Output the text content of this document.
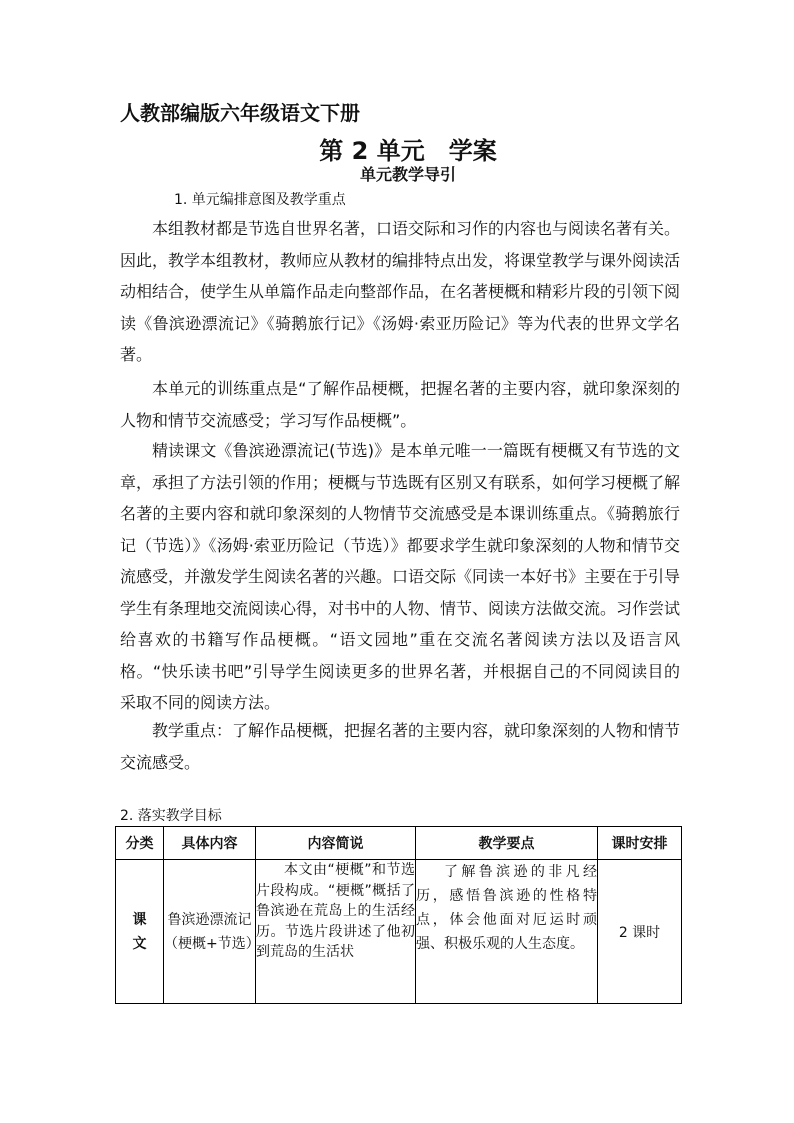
人教部编版六年级语文下册
第 2 单元　学案
单元教学导引
1. 单元编排意图及教学重点

本组教材都是节选自世界名著，口语交际和习作的内容也与阅读名著有关。因此，教学本组教材，教师应从教材的编排特点出发，将课堂教学与课外阅读活动相结合，使学生从单篇作品走向整部作品，在名著梗概和精彩片段的引领下阅读《鲁滨逊漂流记》《骑鹅旅行记》《汤姆·索亚历险记》等为代表的世界文学名著。

本单元的训练重点是“了解作品梗概，把握名著的主要内容，就印象深刻的人物和情节交流感受；学习写作品梗概”。

精读课文《鲁滨逊漂流记(节选)》是本单元唯一一篇既有梗概又有节选的文章，承担了方法引领的作用；梗概与节选既有区别又有联系，如何学习梗概了解名著的主要内容和就印象深刻的人物情节交流感受是本课训练重点。《骑鹅旅行记（节选）》《汤姆·索亚历险记（节选）》都要求学生就印象深刻的人物和情节交流感受，并激发学生阅读名著的兴趣。口语交际《同读一本好书》主要在于引导学生有条理地交流阅读心得，对书中的人物、情节、阅读方法做交流。习作尝试给喜欢的书籍写作品梗概。“语文园地”重在交流名著阅读方法以及语言风格。“快乐读书吧”引导学生阅读更多的世界名著，并根据自己的不同阅读目的采取不同的阅读方法。

教学重点：了解作品梗概，把握名著的主要内容，就印象深刻的人物和情节交流感受。

2. 落实教学目标
分类	具体内容	内容简说	教学要点	课时安排

课文	鲁滨逊漂流记（梗概+节选）	本文由“梗概”和节选片段构成。“梗概”概括了鲁滨逊在荒岛上的生活经历。节选片段讲述了他初到荒岛的生活状	了解鲁滨逊的非凡经历，感悟鲁滨逊的性格特点，体会他面对厄运时顽强、积极乐观的人生态度。	2 课时
